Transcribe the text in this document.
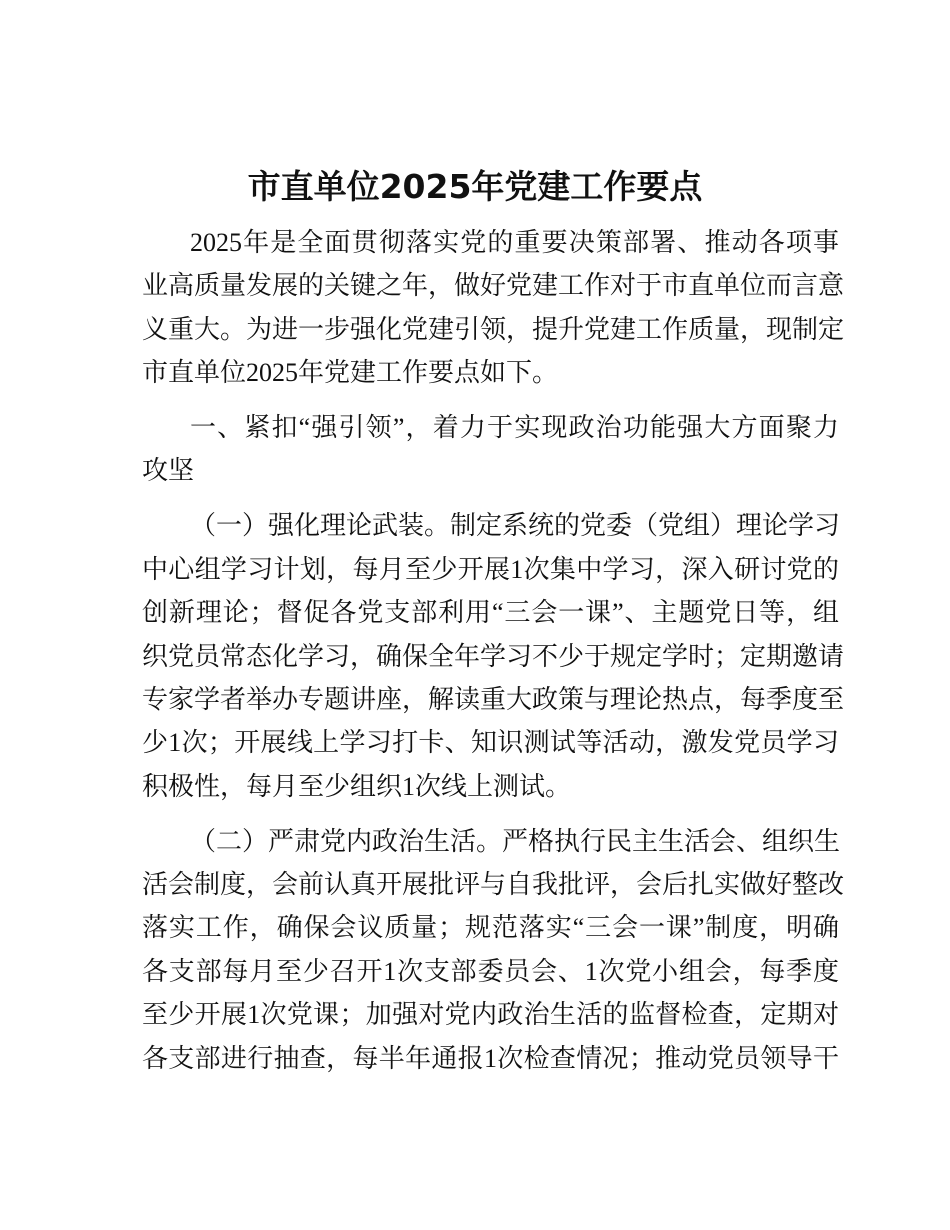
市直单位2025年党建工作要点
2025年是全面贯彻落实党的重要决策部署、推动各项事
业高质量发展的关键之年，做好党建工作对于市直单位而言意
义重大。为进一步强化党建引领，提升党建工作质量，现制定
市直单位2025年党建工作要点如下。
一、紧扣“强引领”，着力于实现政治功能强大方面聚力
攻坚
（一）强化理论武装。制定系统的党委（党组）理论学习
中心组学习计划，每月至少开展1次集中学习，深入研讨党的
创新理论；督促各党支部利用“三会一课”、主题党日等，组
织党员常态化学习，确保全年学习不少于规定学时；定期邀请
专家学者举办专题讲座，解读重大政策与理论热点，每季度至
少1次；开展线上学习打卡、知识测试等活动，激发党员学习
积极性，每月至少组织1次线上测试。
（二）严肃党内政治生活。严格执行民主生活会、组织生
活会制度，会前认真开展批评与自我批评，会后扎实做好整改
落实工作，确保会议质量；规范落实“三会一课”制度，明确
各支部每月至少召开1次支部委员会、1次党小组会，每季度
至少开展1次党课；加强对党内政治生活的监督检查，定期对
各支部进行抽查，每半年通报1次检查情况；推动党员领导干
